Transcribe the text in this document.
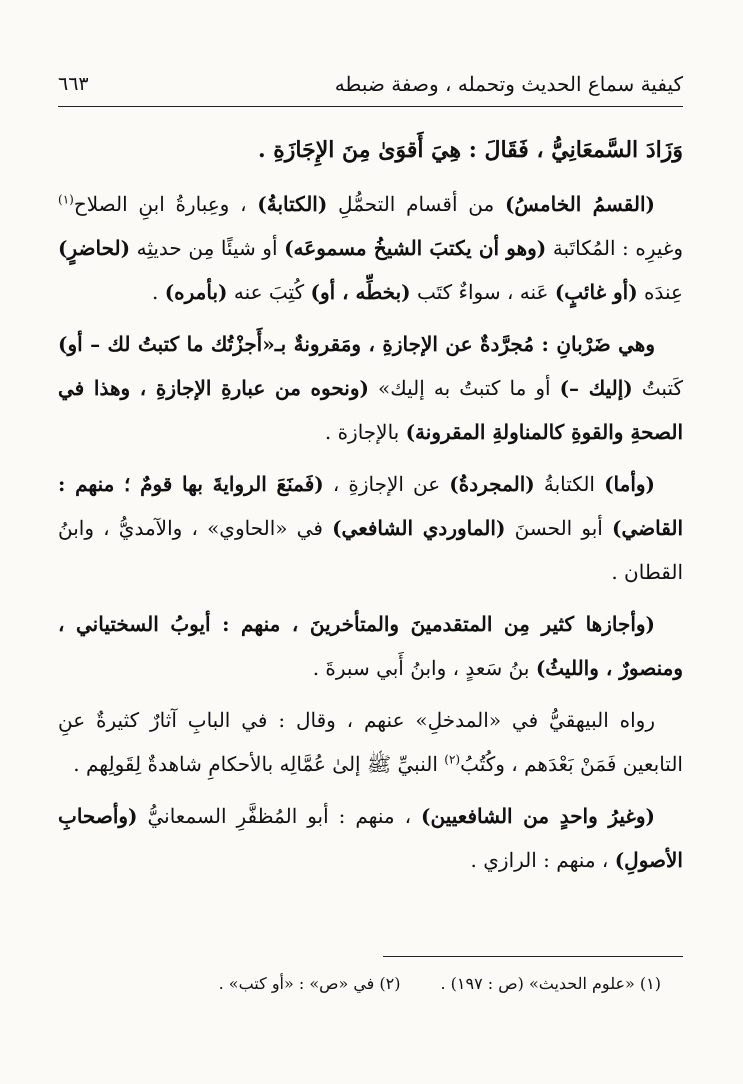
كيفية سماع الحديث وتحمله ، وصفة ضبطه
٦٦٣

وَزَادَ السَّمعَانِيُّ ، فَقَالَ : هِيَ أَقوَىٰ مِنَ الإِجَازَةِ .

(القسمُ الخامسُ) من أقسام التحمُّلِ (الكتابةُ) ، وعِبارةُ ابنِ الصلاح$^{(١)}$ وغيرِه : المُكاتَبة (وهو أن يكتبَ الشيخُ مسموعَه) أو شيئًا مِن حديثِه (لحاضرٍ) عِندَه (أو غائبٍ) عَنه ، سواءٌ كتَب (بخطِّه ، أو) كُتِبَ عنه (بأمره) .

وهي ضَرْبانِ : مُجرَّدةٌ عن الإجازةِ ، ومَقرونةٌ بـ«أَجزْتُك ما كتبتُ لك – أو) كَتبتُ (إليك –) أو ما كتبتُ به إليك» (ونحوه من عبارةِ الإجازةِ ، وهذا في الصحةِ والقوةِ كالمناولةِ المقرونة) بالإجازة .

(وأما) الكتابةُ (المجردةُ) عن الإجازةِ ، (فَمنَعَ الروايةَ بها قومٌ ؛ منهم : القاضي) أبو الحسنَ (الماوردي الشافعي) في «الحاوي» ، والآمديُّ ، وابنُ القطان .

(وأجازها كثير مِن المتقدمينَ والمتأخرينَ ، منهم : أيوبُ السختياني ، ومنصورٌ ، والليثُ) بنُ سَعدٍ ، وابنُ أَبي سبرةَ .

رواه البيهقيُّ في «المدخلِ» عنهم ، وقال : في البابِ آثارٌ كثيرةٌ عنِ التابعين فَمَنْ بَعْدَهم ، وكُتُبُ$^{(٢)}$ النبيِّ ﷺ إلىٰ عُمَّالِه بالأحكامِ شاهدةٌ لِقَولِهم .

(وغيرُ واحدٍ من الشافعيين) ، منهم : أبو المُظفَّرِ السمعانيُّ (وأصحابِ الأصولِ) ، منهم : الرازي .

(١) «علوم الحديث» (ص : ١٩٧) .
(٢) في «ص» : «أو كتب» .
